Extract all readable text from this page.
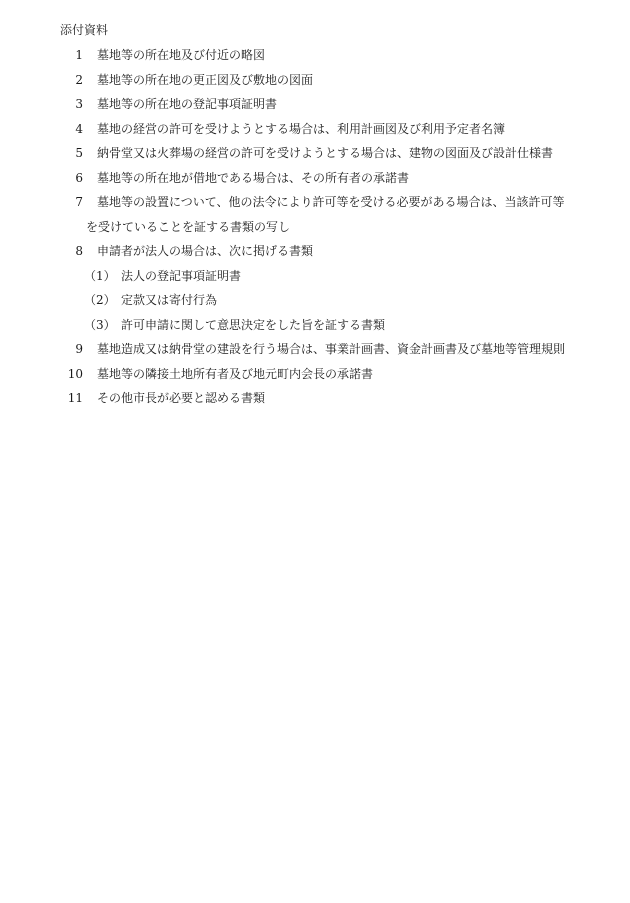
添付資料
1 墓地等の所在地及び付近の略図
2 墓地等の所在地の更正図及び敷地の図面
3 墓地等の所在地の登記事項証明書
4 墓地の経営の許可を受けようとする場合は、利用計画図及び利用予定者名簿
5 納骨堂又は火葬場の経営の許可を受けようとする場合は、建物の図面及び設計仕様書
6 墓地等の所在地が借地である場合は、その所有者の承諾書
7 墓地等の設置について、他の法令により許可等を受ける必要がある場合は、当該許可等
を受けていることを証する書類の写し
8 申請者が法人の場合は、次に掲げる書類
（1） 法人の登記事項証明書
（2） 定款又は寄付行為
（3） 許可申請に関して意思決定をした旨を証する書類
9 墓地造成又は納骨堂の建設を行う場合は、事業計画書、資金計画書及び墓地等管理規則
10 墓地等の隣接土地所有者及び地元町内会長の承諾書
11 その他市長が必要と認める書類
